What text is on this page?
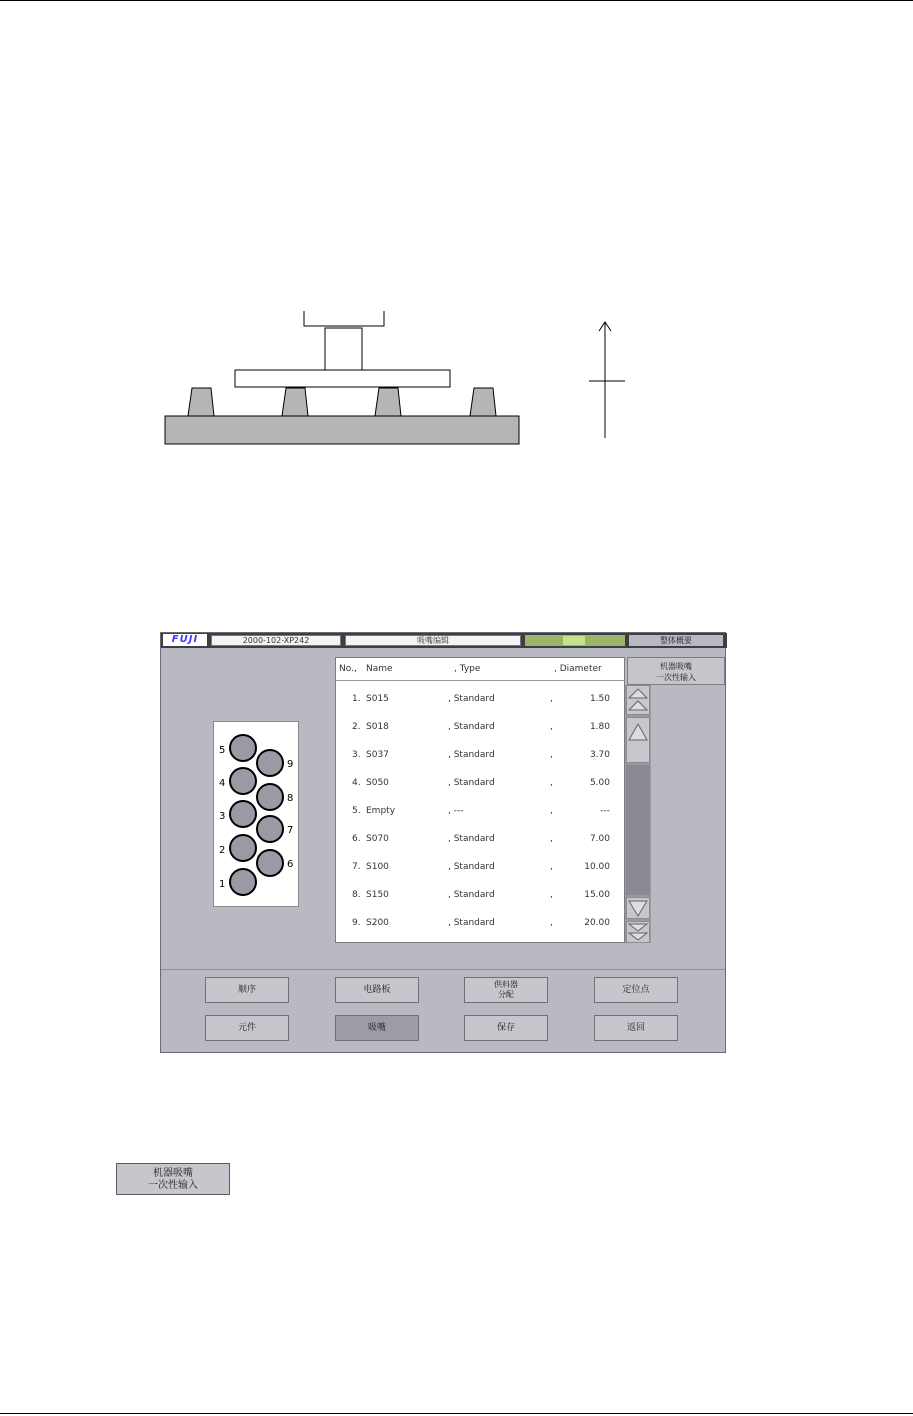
FUJI	2000-102-XP242	吸嘴编辑	整体概要
1
2
3
4
5
6
7
8
9
No., Name	, Type	, Diameter
1. S015	, Standard	,	1.50
2. S018	, Standard	,	1.80
3. S037	, Standard	,	3.70
4. S050	, Standard	,	5.00
5. Empty	, ---	,	---
6. S070	, Standard	,	7.00
7. S100	, Standard	,	10.00
8. S150	, Standard	,	15.00
9. S200	, Standard	,	20.00
机器吸嘴
一次性输入
顺序	电路板
供料器
分配	定位点
元件	吸嘴	保存	返回
机器吸嘴
一次性输入
